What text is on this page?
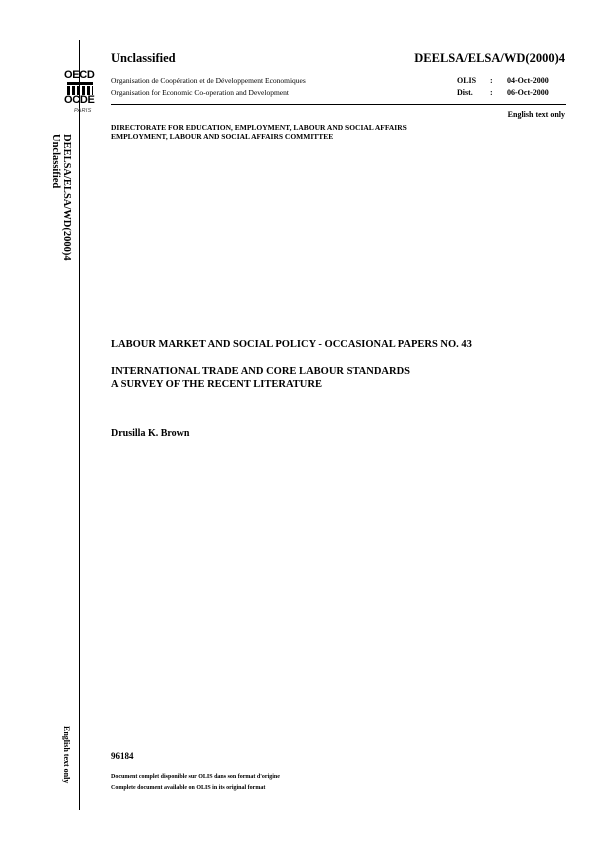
Unclassified	DEELSA/ELSA/WD(2000)4
OECD
OCDE
PARIS
Organisation de Coopération et de Développement Economiques
Organisation for Economic Co-operation and Development
OLIS : 04-Oct-2000
Dist. : 06-Oct-2000
English text only
DIRECTORATE FOR EDUCATION, EMPLOYMENT, LABOUR AND SOCIAL AFFAIRS
EMPLOYMENT, LABOUR AND SOCIAL AFFAIRS COMMITTEE
DEELSA/ELSA/WD(2000)4
Unclassified
English text only
LABOUR MARKET AND SOCIAL POLICY - OCCASIONAL PAPERS NO. 43
INTERNATIONAL TRADE AND CORE LABOUR STANDARDS
A SURVEY OF THE RECENT LITERATURE
Drusilla K. Brown
96184
Document complet disponible sur OLIS dans son format d'origine
Complete document available on OLIS in its original format
